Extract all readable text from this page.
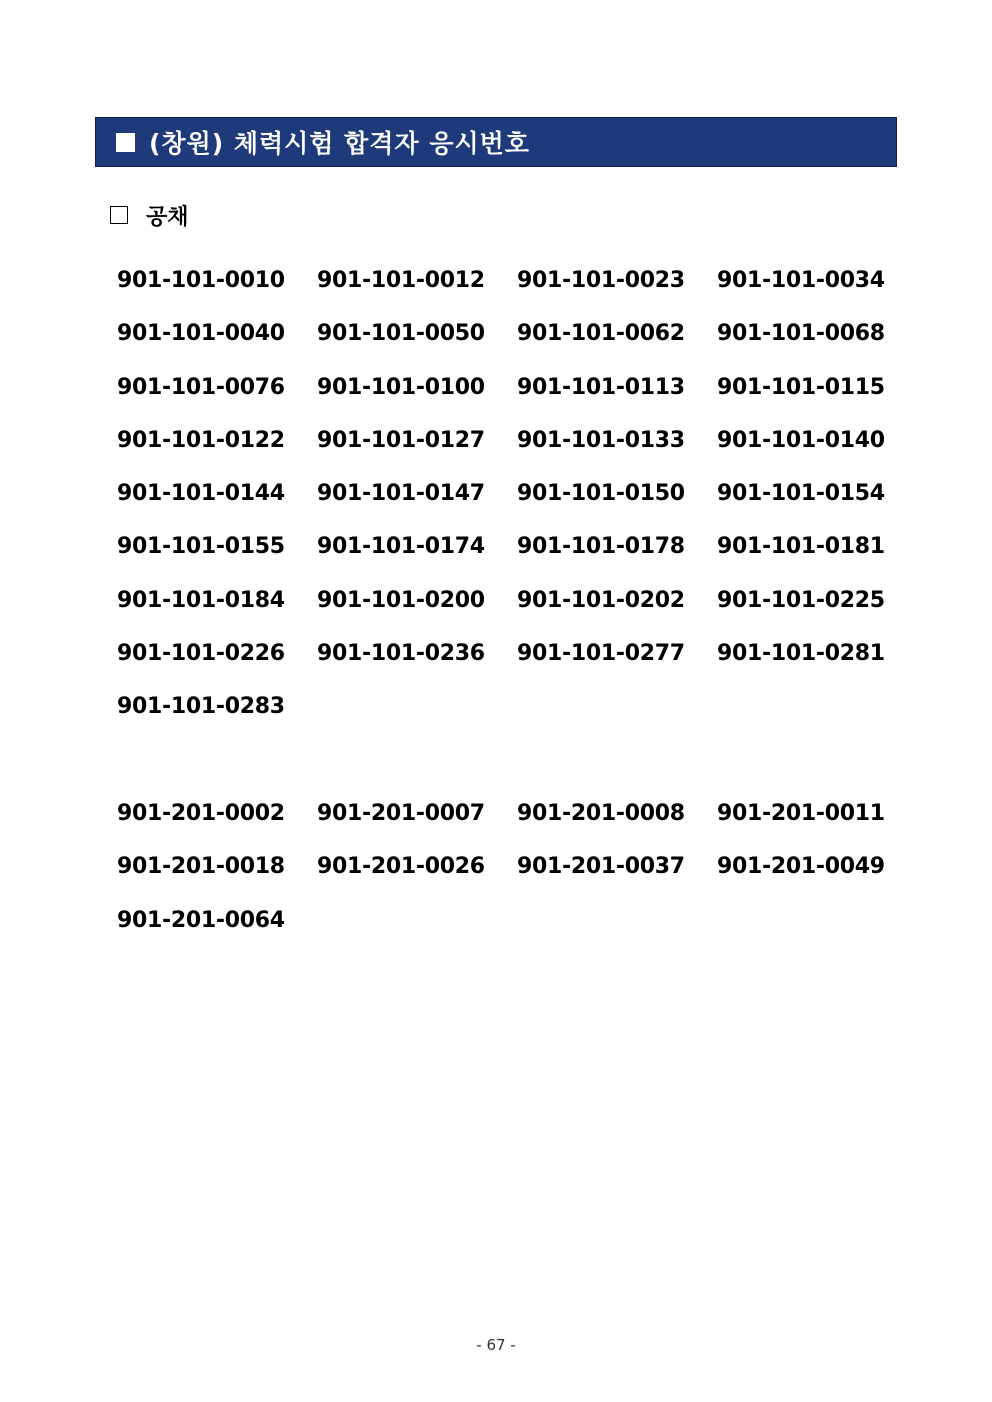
(창원) 체력시험 합격자 응시번호
공채
901-101-0010	901-101-0012	901-101-0023	901-101-0034
901-101-0040	901-101-0050	901-101-0062	901-101-0068
901-101-0076	901-101-0100	901-101-0113	901-101-0115
901-101-0122	901-101-0127	901-101-0133	901-101-0140
901-101-0144	901-101-0147	901-101-0150	901-101-0154
901-101-0155	901-101-0174	901-101-0178	901-101-0181
901-101-0184	901-101-0200	901-101-0202	901-101-0225
901-101-0226	901-101-0236	901-101-0277	901-101-0281
901-101-0283
901-201-0002	901-201-0007	901-201-0008	901-201-0011
901-201-0018	901-201-0026	901-201-0037	901-201-0049
901-201-0064
- 67 -
